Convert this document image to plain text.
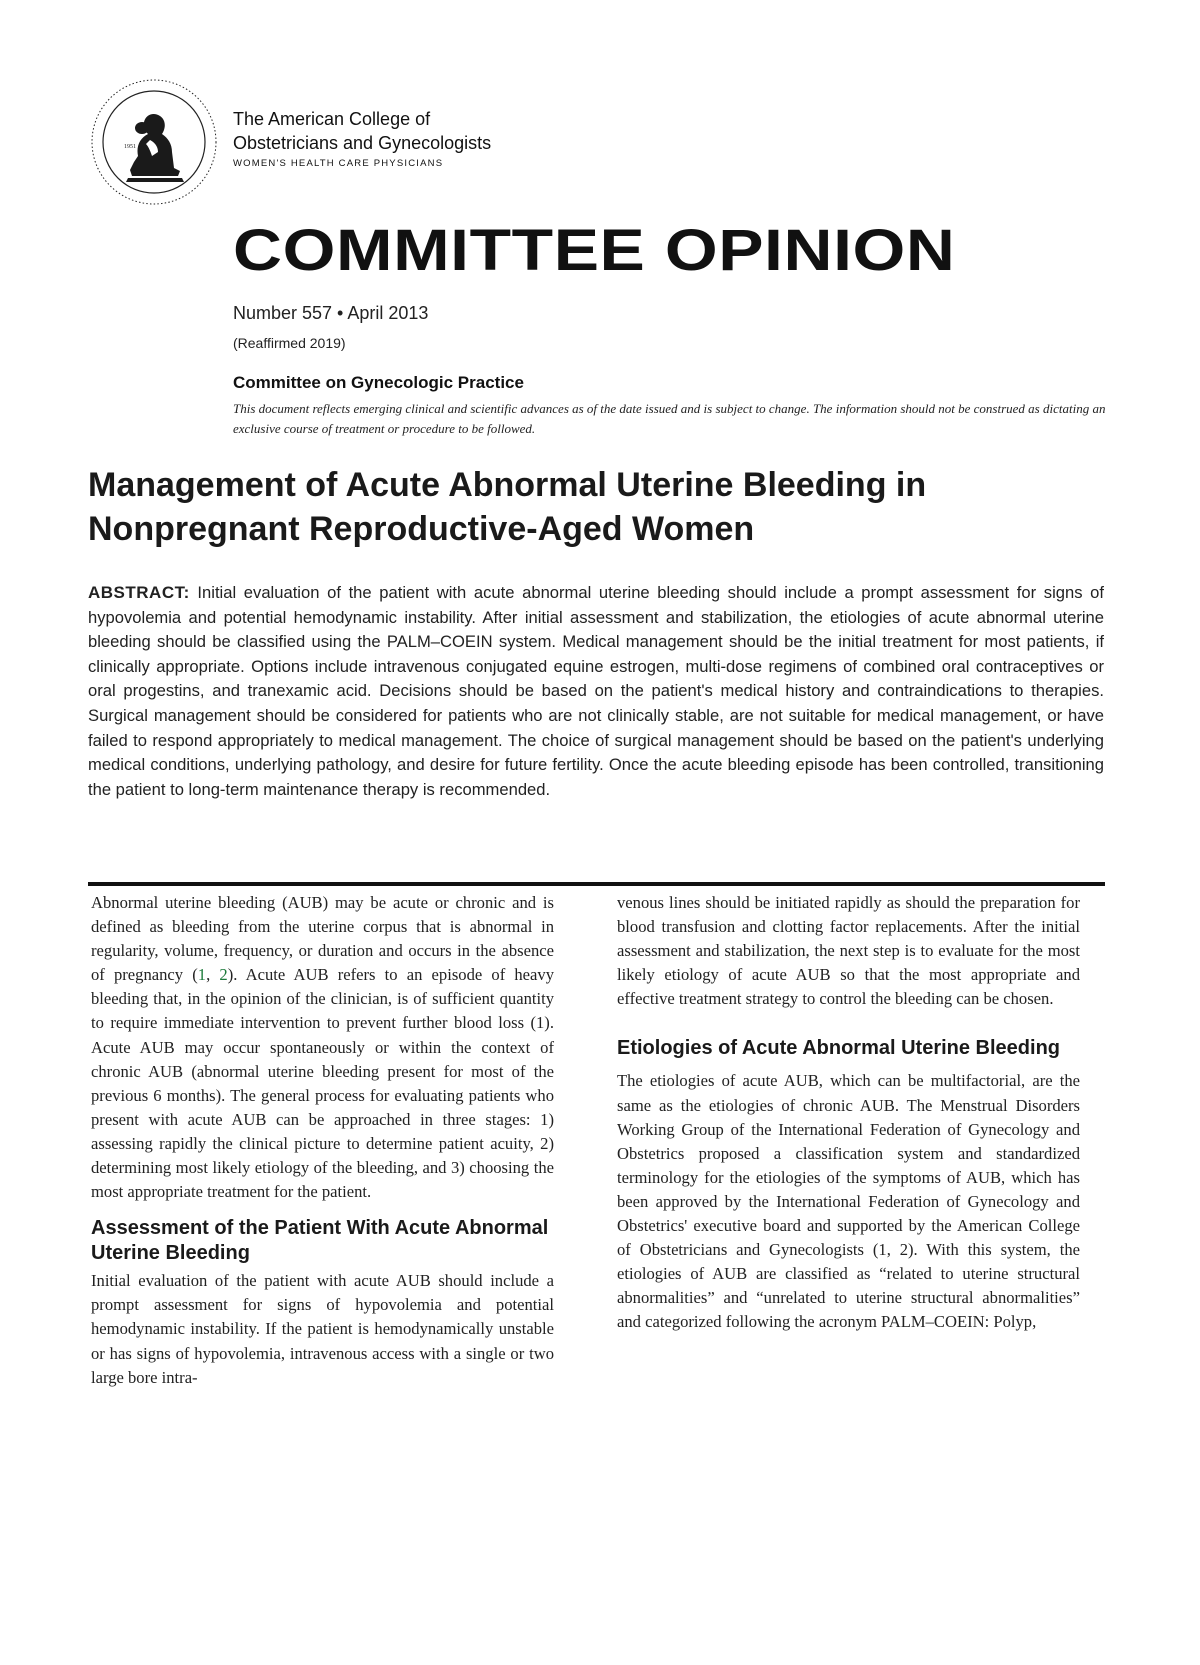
1951
The American College of
Obstetricians and Gynecologists
WOMEN'S HEALTH CARE PHYSICIANS
COMMITTEE OPINION
Number 557 • April 2013
(Reaffirmed 2019)
Committee on Gynecologic Practice
This document reflects emerging clinical and scientific advances as of the date issued and is subject to change. The information should not be construed as dictating an exclusive course of treatment or procedure to be followed.
Management of Acute Abnormal Uterine Bleeding in Nonpregnant Reproductive-Aged Women

ABSTRACT: Initial evaluation of the patient with acute abnormal uterine bleeding should include a prompt assessment for signs of hypovolemia and potential hemodynamic instability. After initial assessment and stabilization, the etiologies of acute abnormal uterine bleeding should be classified using the PALM–COEIN system. Medical management should be the initial treatment for most patients, if clinically appropriate. Options include intravenous conjugated equine estrogen, multi-dose regimens of combined oral contraceptives or oral progestins, and tranexamic acid. Decisions should be based on the patient's medical history and contraindications to therapies. Surgical management should be considered for patients who are not clinically stable, are not suitable for medical management, or have failed to respond appropriately to medical management. The choice of surgical management should be based on the patient's underlying medical conditions, underlying pathology, and desire for future fertility. Once the acute bleeding episode has been controlled, transitioning the patient to long-term maintenance therapy is recommended.

Abnormal uterine bleeding (AUB) may be acute or chronic and is defined as bleeding from the uterine corpus that is abnormal in regularity, volume, frequency, or duration and occurs in the absence of pregnancy (1, 2). Acute AUB refers to an episode of heavy bleeding that, in the opinion of the clinician, is of sufficient quantity to require immediate intervention to prevent further blood loss (1). Acute AUB may occur spontaneously or within the context of chronic AUB (abnormal uterine bleeding present for most of the previous 6 months). The general process for evaluating patients who present with acute AUB can be approached in three stages: 1) assessing rapidly the clinical picture to determine patient acuity, 2) determining most likely etiology of the bleeding, and 3) choosing the most appropriate treatment for the patient.

Assessment of the Patient With Acute Abnormal Uterine Bleeding

Initial evaluation of the patient with acute AUB should include a prompt assessment for signs of hypovolemia and potential hemodynamic instability. If the patient is hemodynamically unstable or has signs of hypovolemia, intravenous access with a single or two large bore intra-

venous lines should be initiated rapidly as should the preparation for blood transfusion and clotting factor replacements. After the initial assessment and stabilization, the next step is to evaluate for the most likely etiology of acute AUB so that the most appropriate and effective treatment strategy to control the bleeding can be chosen.

Etiologies of Acute Abnormal Uterine Bleeding

The etiologies of acute AUB, which can be multifactorial, are the same as the etiologies of chronic AUB. The Menstrual Disorders Working Group of the International Federation of Gynecology and Obstetrics proposed a classification system and standardized terminology for the etiologies of the symptoms of AUB, which has been approved by the International Federation of Gynecology and Obstetrics' executive board and supported by the American College of Obstetricians and Gynecologists (1, 2). With this system, the etiologies of AUB are classified as “related to uterine structural abnormalities” and “unrelated to uterine structural abnormalities” and categorized following the acronym PALM–COEIN: Polyp,
